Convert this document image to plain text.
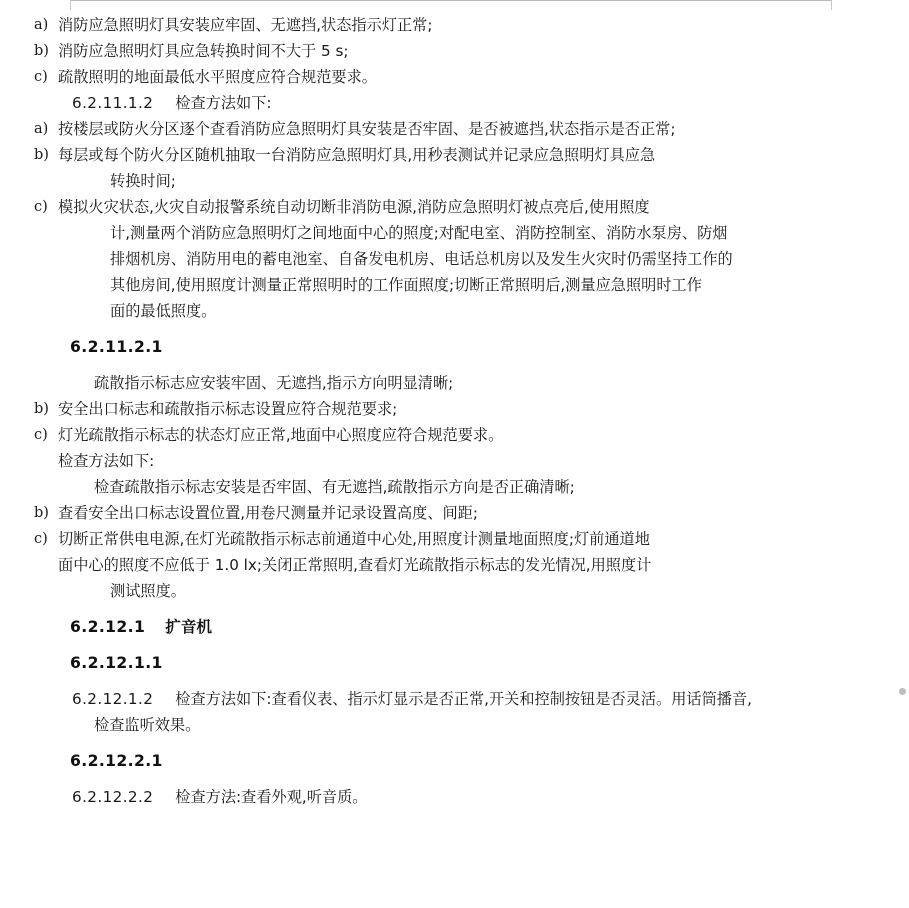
a) 消防应急照明灯具安装应牢固、无遮挡,状态指示灯正常;
b) 消防应急照明灯具应急转换时间不大于 5 s;
c) 疏散照明的地面最低水平照度应符合规范要求。
6.2.11.1.2 检查方法如下:
a) 按楼层或防火分区逐个查看消防应急照明灯具安装是否牢固、是否被遮挡,状态指示是否正常;
b) 每层或每个防火分区随机抽取一台消防应急照明灯具,用秒表测试并记录应急照明灯具应急
转换时间;
c) 模拟火灾状态,火灾自动报警系统自动切断非消防电源,消防应急照明灯被点亮后,使用照度
计,测量两个消防应急照明灯之间地面中心的照度;对配电室、消防控制室、消防水泵房、防烟
排烟机房、消防用电的蓄电池室、自备发电机房、电话总机房以及发生火灾时仍需坚持工作的
其他房间,使用照度计测量正常照明时的工作面照度;切断正常照明后,测量应急照明时工作
面的最低照度。
6.2.11.2.1
疏散指示标志应安装牢固、无遮挡,指示方向明显清晰;
b) 安全出口标志和疏散指示标志设置应符合规范要求;
c) 灯光疏散指示标志的状态灯应正常,地面中心照度应符合规范要求。
检查方法如下:
检查疏散指示标志安装是否牢固、有无遮挡,疏散指示方向是否正确清晰;
b) 查看安全出口标志设置位置,用卷尺测量并记录设置高度、间距;
c) 切断正常供电电源,在灯光疏散指示标志前通道中心处,用照度计测量地面照度;灯前通道地
面中心的照度不应低于 1.0 lx;关闭正常照明,查看灯光疏散指示标志的发光情况,用照度计
测试照度。
6.2.12.1 扩音机
6.2.12.1.1
6.2.12.1.2 检查方法如下:查看仪表、指示灯显示是否正常,开关和控制按钮是否灵活。用话筒播音,
检查监听效果。
6.2.12.2.1
6.2.12.2.2 检查方法:查看外观,听音质。
